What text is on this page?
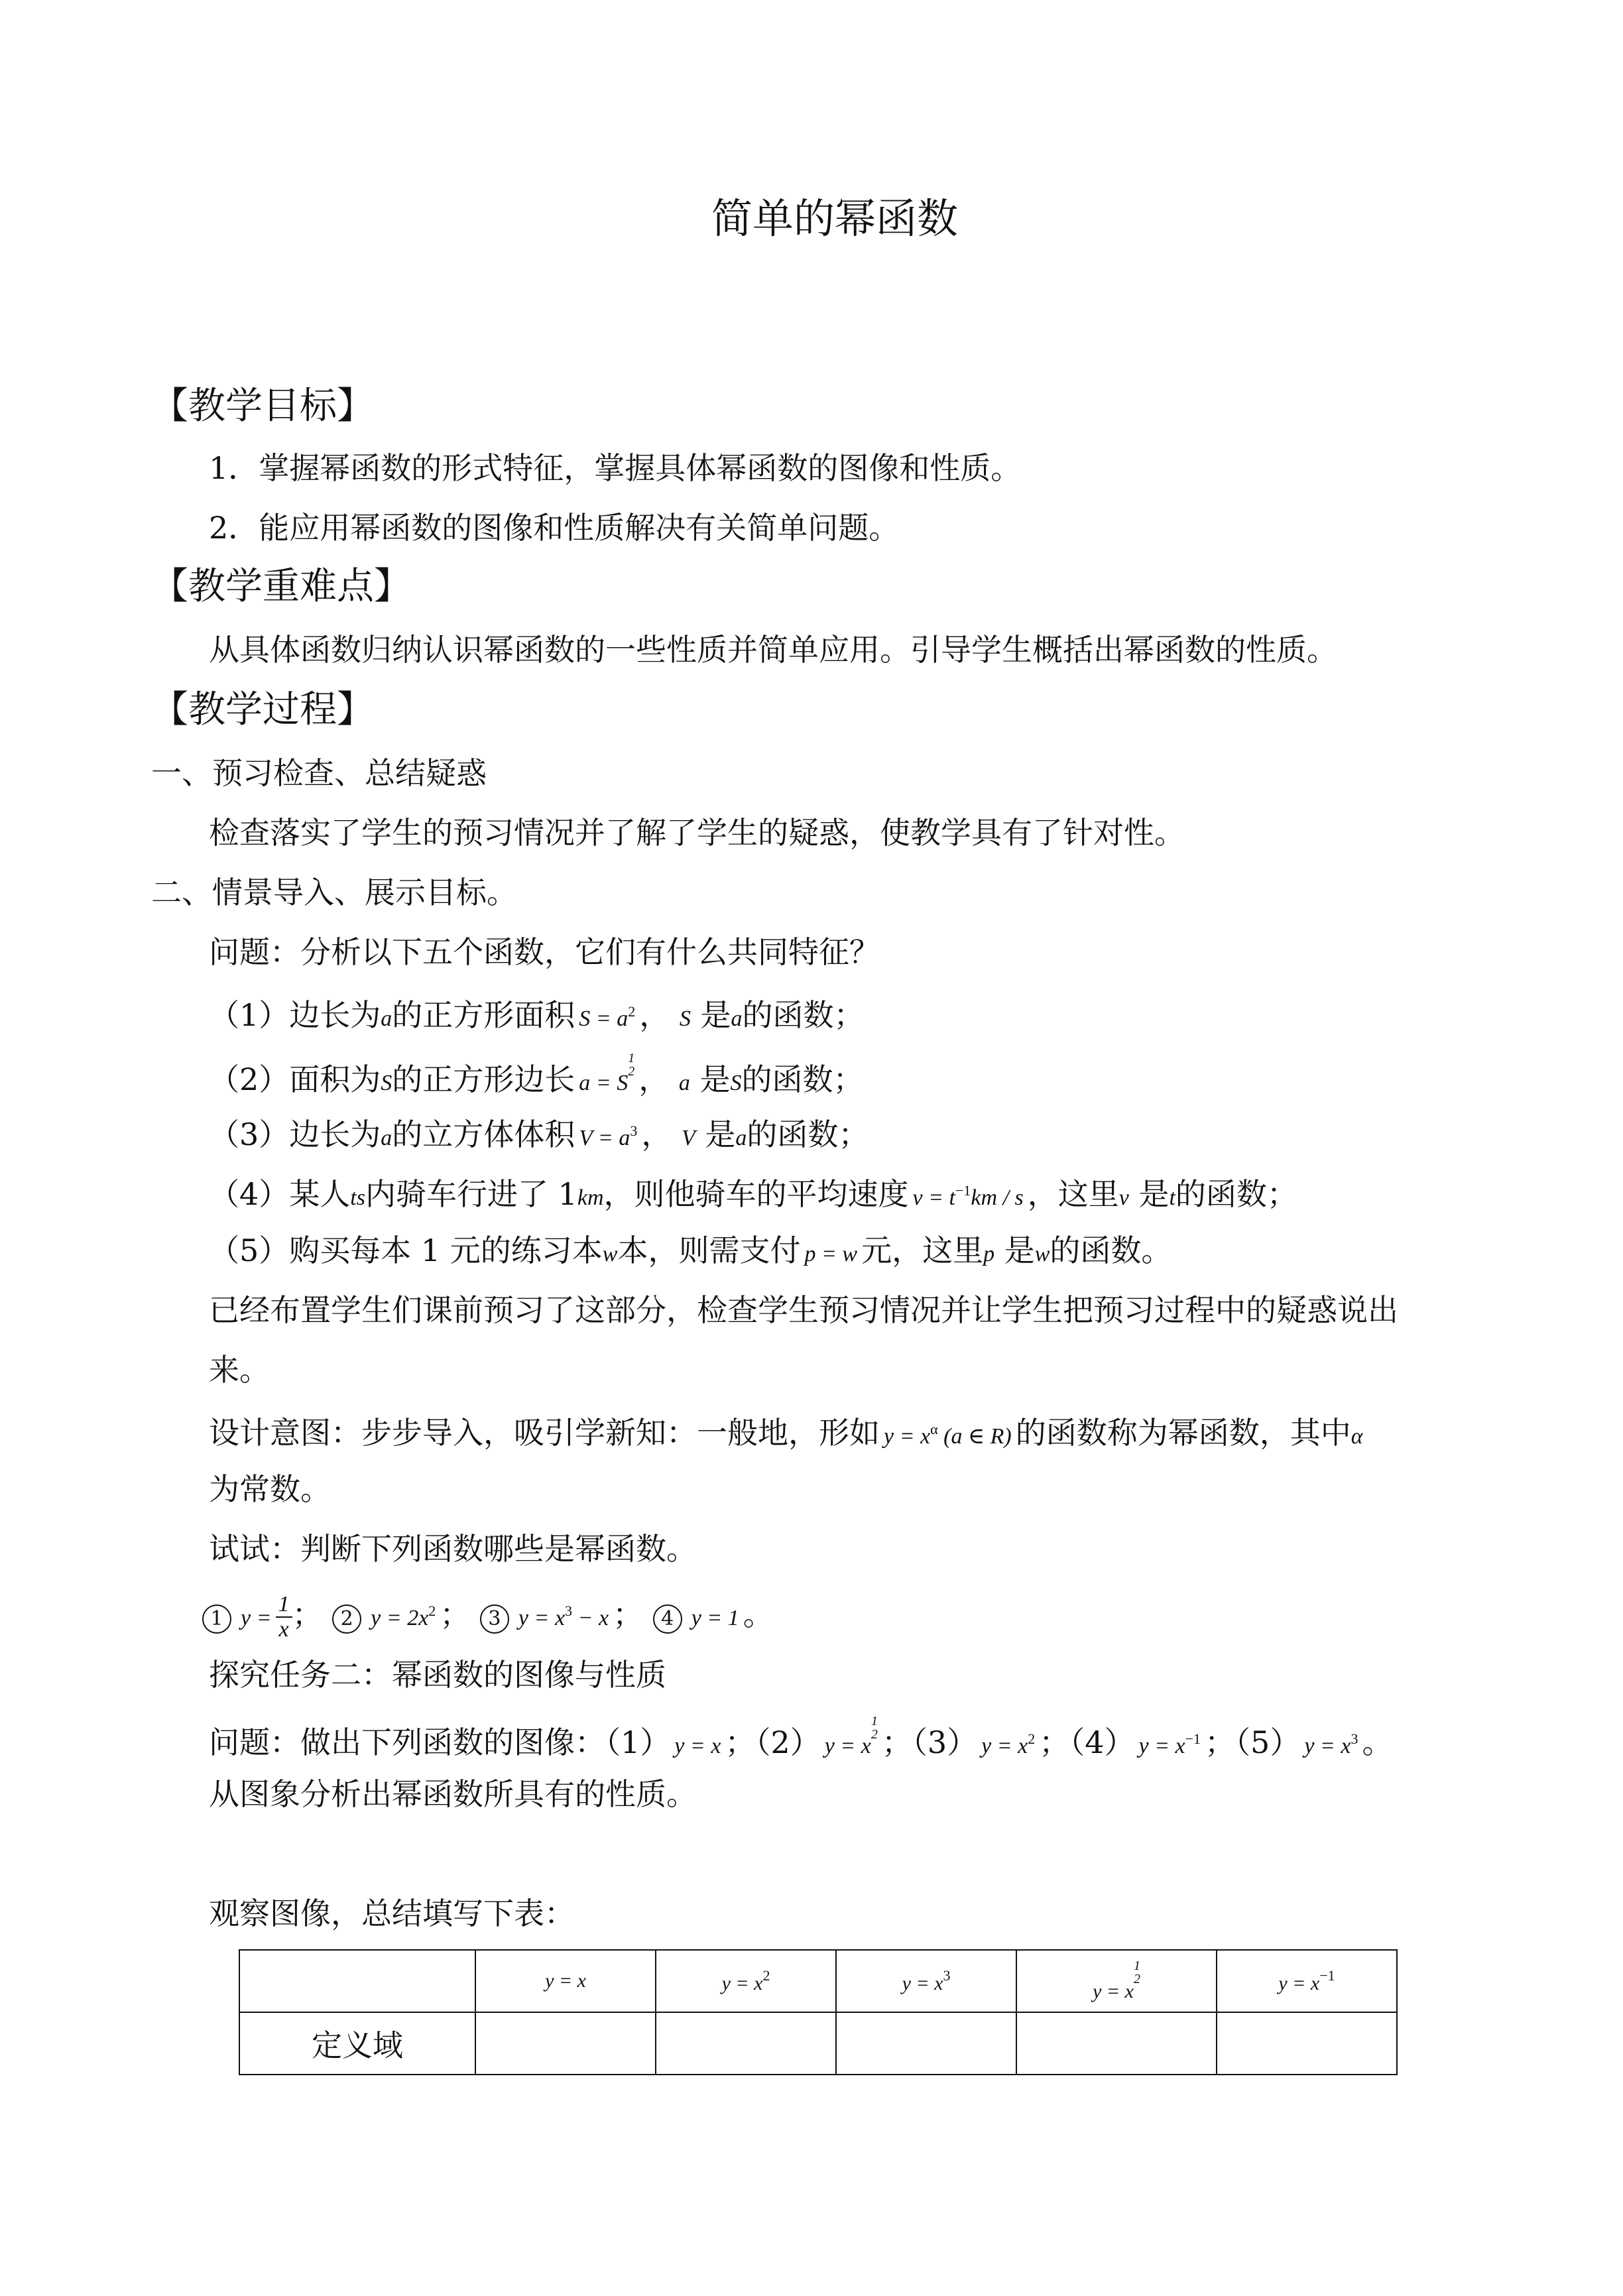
简单的幂函数
【教学目标】
1．掌握幂函数的形式特征，掌握具体幂函数的图像和性质。
2．能应用幂函数的图像和性质解决有关简单问题。
【教学重难点】
从具体函数归纳认识幂函数的一些性质并简单应用。引导学生概括出幂函数的性质。
【教学过程】
一、预习检查、总结疑惑
检查落实了学生的预习情况并了解了学生的疑惑，使教学具有了针对性。
二、情景导入、展示目标。
问题：分析以下五个函数，它们有什么共同特征？
（1）边长为a的正方形面积 $S = a^2$ ， S 是a的函数；
（2）面积为S的正方形边长 a = S
1
2 ， a 是S的函数；
（3）边长为a的立方体体积 $V = a^3$ ， V 是a的函数；
（4）某人ts内骑车行进了 1km，则他骑车的平均速度 $v = t^{-1}km / s$ ，这里v 是t的函数；
（5）购买每本 1 元的练习本w本，则需支付 p = w 元，这里p 是w的函数。
已经布置学生们课前预习了这部分，检查学生预习情况并让学生把预习过程中的疑惑说出
来。
设计意图：步步导入，吸引学新知：一般地，形如 $y = x^\alpha$ (a ∈ R) 的函数称为幂函数，其中α
为常数。
试试：判断下列函数哪些是幂函数。
1 $y = \frac{1}{x}$ ； 2 $y = 2x^2$ ； 3 $y = x^3 - x$ ； 4 y = 1 。
探究任务二：幂函数的图像与性质
问题：做出下列函数的图像：（1） y = x ；（2） y = x
1
2 ；（3） $y = x^2$ ；（4） $y = x^{-1}$ ；（5） $y = x^3$ 。
从图象分析出幂函数所具有的性质。
观察图像，总结填写下表：
	y = x	$y = x^2$	$y = x^3$	y = x
1
2	$y = x^{-1}$
定义域					
